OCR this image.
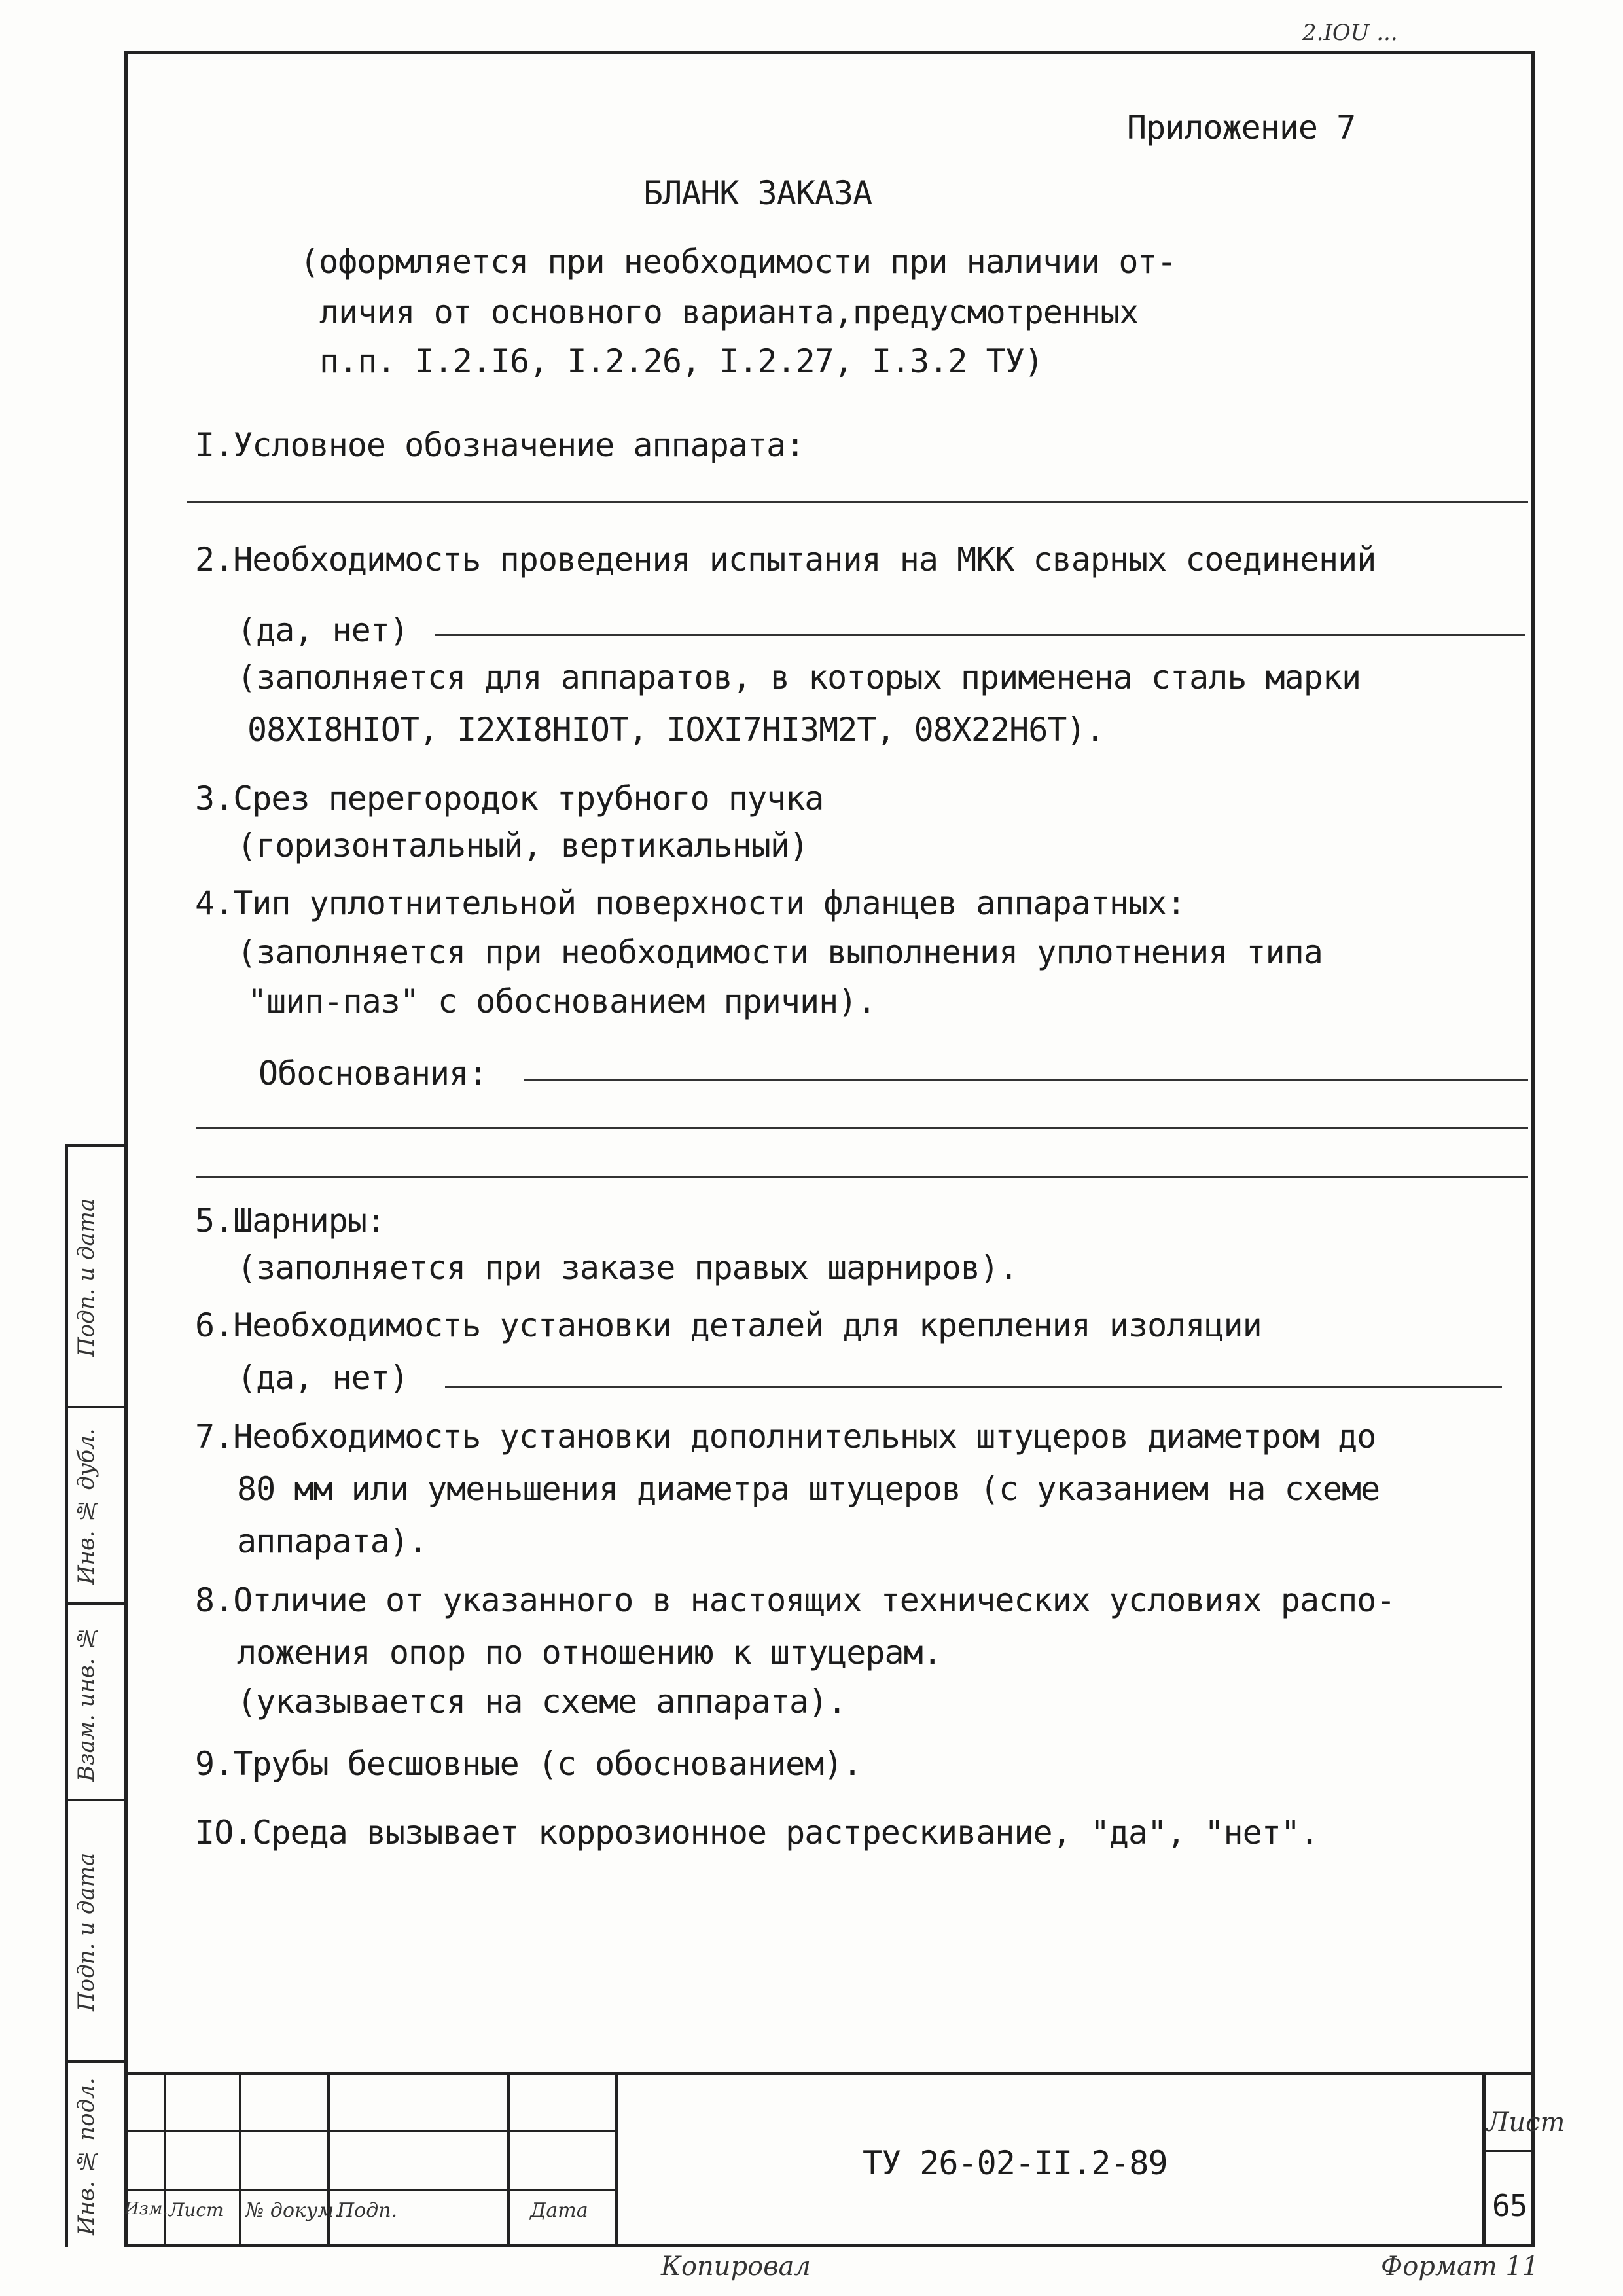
2.IOU ...
Приложение 7
БЛАНК ЗАКАЗА
(оформляется при необходимости при наличии от-
личия от основного варианта,предусмотренных
п.п. I.2.I6, I.2.26, I.2.27, I.3.2 ТУ)
I.Условное обозначение аппарата:
2.Необходимость проведения испытания на МКК сварных соединений
(да, нет)
(заполняется для аппаратов, в которых применена сталь марки
08XI8HIOT, I2XI8HIOT, IOXI7HI3M2T, 08X22H6T).
3.Срез перегородок трубного пучка
(горизонтальный, вертикальный)
4.Тип уплотнительной поверхности фланцев аппаратных:
(заполняется при необходимости выполнения уплотнения типа
"шип-паз" с обоснованием причин).
Обоснования:
5.Шарниры:
(заполняется при заказе правых шарниров).
6.Необходимость установки деталей для крепления изоляции
(да, нет)
7.Необходимость установки дополнительных штуцеров диаметром до
80 мм или уменьшения диаметра штуцеров (с указанием на схеме
аппарата).
8.Отличие от указанного в настоящих технических условиях распо-
ложения опор по отношению к штуцерам.
(указывается на схеме аппарата).
9.Трубы бесшовные (с обоснованием).
IO.Среда вызывает коррозионное растрескивание, "да", "нет".
Подп. и дата
Инв. № дубл.
Взам. инв. №
Подп. и дата
Инв. № подл.	Изм. Лист № докум.
Подп.	Дата
ТУ 26-02-II.2-89
Лист
65
Копировал	Формат 11
